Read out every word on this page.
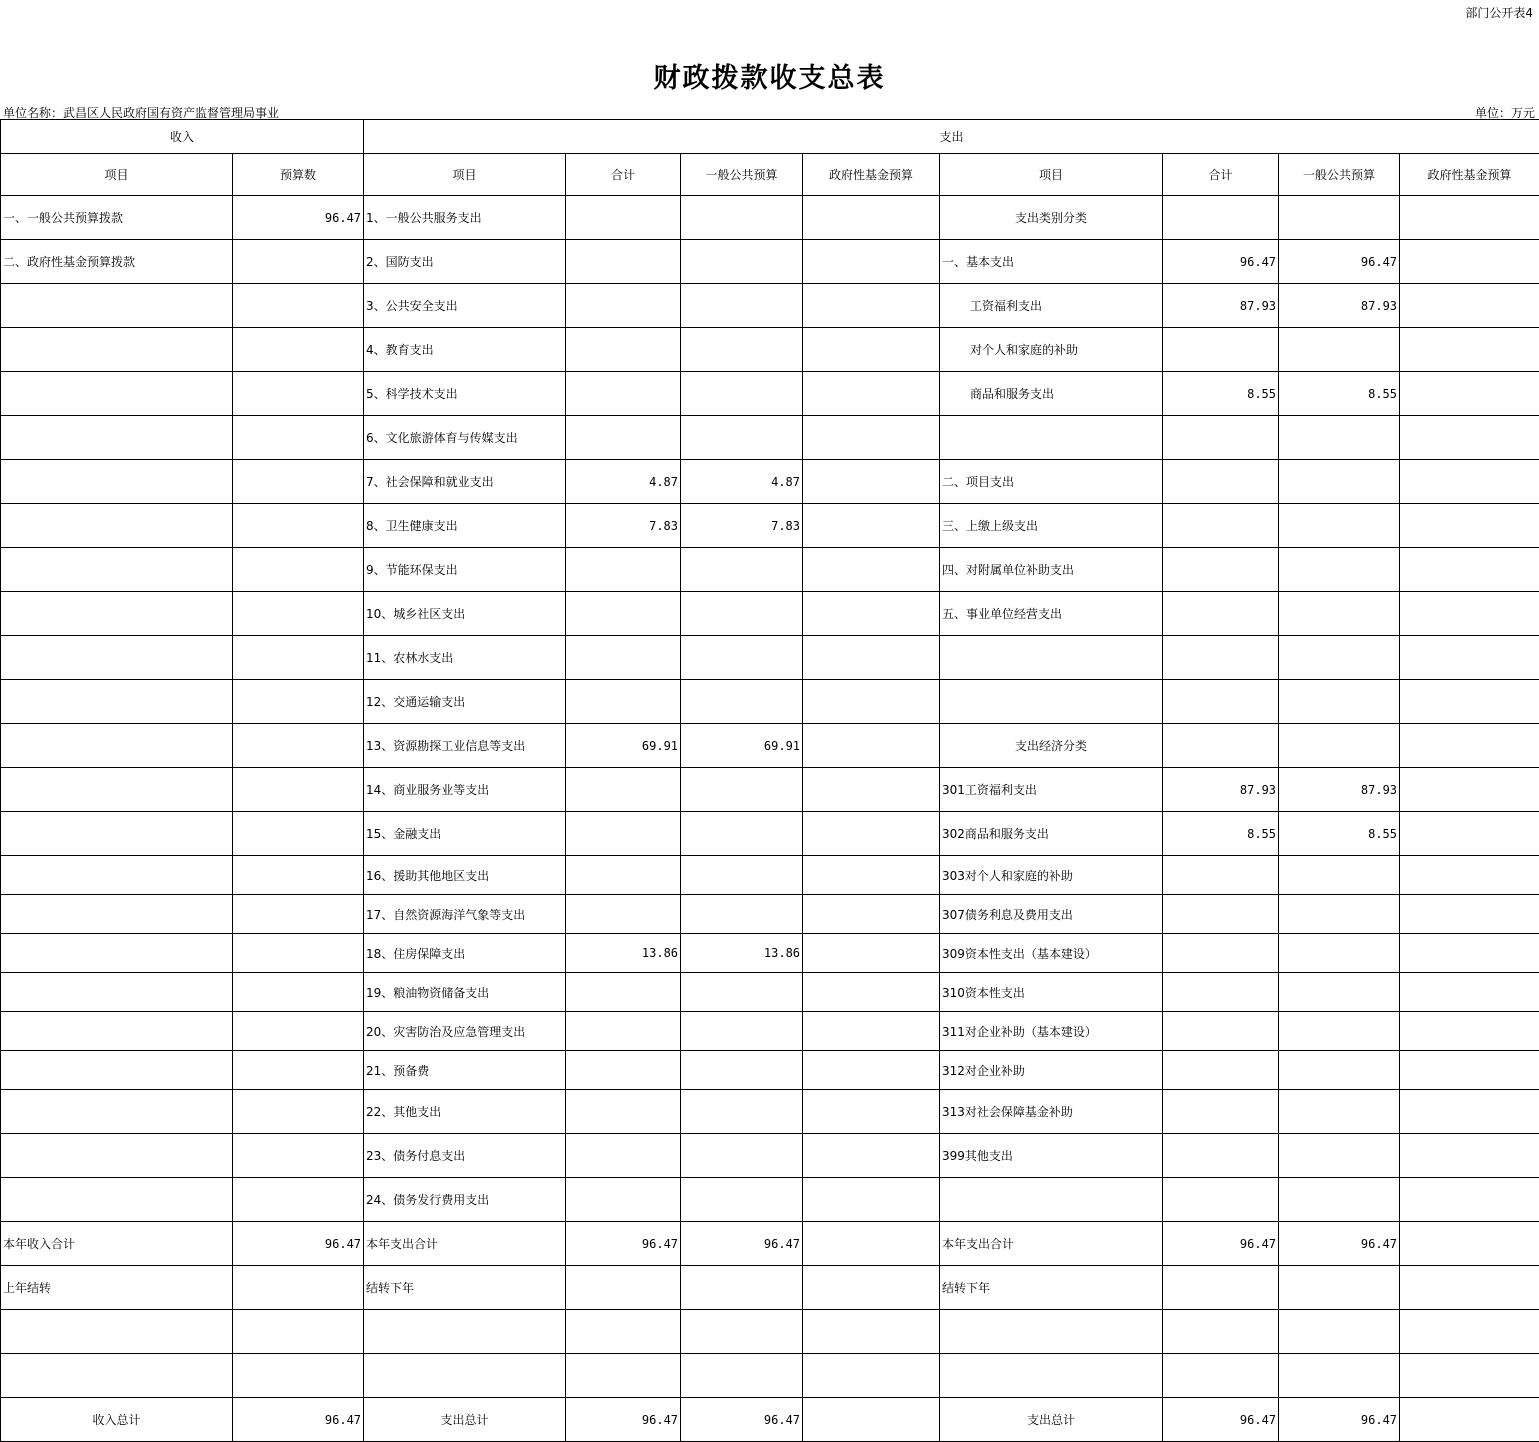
部门公开表4
财政拨款收支总表
单位名称：武昌区人民政府国有资产监督管理局事业	单位：万元
收入		支出							
项目	预算数	项目	合计	一般公共预算	政府性基金预算	项目	合计	一般公共预算	政府性基金预算
一、一般公共预算拨款	96.47	1、一般公共服务支出				支出类别分类			
二、政府性基金预算拨款		2、国防支出				一、基本支出	96.47	96.47	
		3、公共安全支出				工资福利支出	87.93	87.93	
		4、教育支出				对个人和家庭的补助			
		5、科学技术支出				商品和服务支出	8.55	8.55	
		6、文化旅游体育与传媒支出							
		7、社会保障和就业支出	4.87	4.87		二、项目支出			
		8、卫生健康支出	7.83	7.83		三、上缴上级支出			
		9、节能环保支出				四、对附属单位补助支出			
		10、城乡社区支出				五、事业单位经营支出			
		11、农林水支出							
		12、交通运输支出							
		13、资源勘探工业信息等支出	69.91	69.91		支出经济分类			
		14、商业服务业等支出				301工资福利支出	87.93	87.93	
		15、金融支出				302商品和服务支出	8.55	8.55	
		16、援助其他地区支出				303对个人和家庭的补助			
		17、自然资源海洋气象等支出				307债务利息及费用支出			
		18、住房保障支出	13.86	13.86		309资本性支出（基本建设）			
		19、粮油物资储备支出				310资本性支出			
		20、灾害防治及应急管理支出				311对企业补助（基本建设）			
		21、预备费				312对企业补助			
		22、其他支出				313对社会保障基金补助			
		23、债务付息支出				399其他支出			
		24、债务发行费用支出							
本年收入合计	96.47	本年支出合计	96.47	96.47		本年支出合计	96.47	96.47	
上年结转		结转下年				结转下年			

收入总计	96.47	支出总计	96.47	96.47		支出总计	96.47	96.47	
